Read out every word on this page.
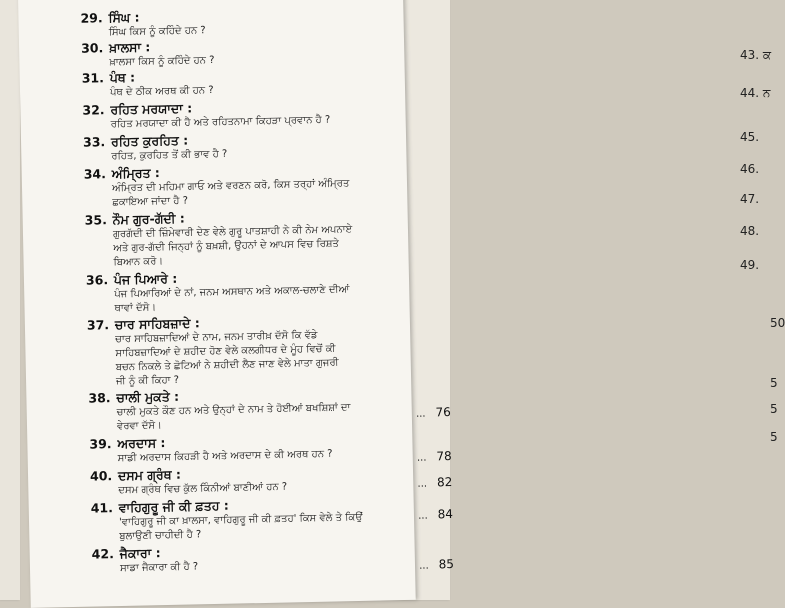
43. ਕ
44. ਨ
45.
46.
47.
48.
49.
50
5
5
5
29. ਸਿੰਘ :
ਸਿੰਘ ਕਿਸ ਨੂੰ ਕਹਿੰਦੇ ਹਨ ?
30. ਖ਼ਾਲਸਾ :
ਖ਼ਾਲਸਾ ਕਿਸ ਨੂੰ ਕਹਿੰਦੇ ਹਨ ?
31. ਪੰਥ :
ਪੰਥ ਦੇ ਠੀਕ ਅਰਥ ਕੀ ਹਨ ?
32. ਰਹਿਤ ਮਰਯਾਦਾ :
ਰਹਿਤ ਮਰਯਾਦਾ ਕੀ ਹੈ ਅਤੇ ਰਹਿਤਨਾਮਾ ਕਿਹੜਾ ਪ੍ਰਵਾਨ ਹੈ ?
33. ਰਹਿਤ ਕੁਰਹਿਤ :
ਰਹਿਤ, ਕੁਰਹਿਤ ਤੋਂ ਕੀ ਭਾਵ ਹੈ ?
34. ਅੰਮ੍ਰਿਤ :
ਅੰਮ੍ਰਿਤ ਦੀ ਮਹਿਮਾ ਗਾਓ ਅਤੇ ਵਰਣਨ ਕਰੋ, ਕਿਸ ਤਰ੍ਹਾਂ ਅੰਮ੍ਰਿਤ
ਛਕਾਇਆ ਜਾਂਦਾ ਹੈ ?
35. ਨੌਮ ਗੁਰ-ਗੱਦੀ :
ਗੁਰਗੱਦੀ ਦੀ ਜ਼ਿੰਮੇਵਾਰੀ ਦੇਣ ਵੇਲੇ ਗੁਰੂ ਪਾਤਸ਼ਾਹੀ ਨੇ ਕੀ ਨੇਮ ਅਪਨਾਏ
ਅਤੇ ਗੁਰ-ਗੱਦੀ ਜਿਨ੍ਹਾਂ ਨੂੰ ਬਖ਼ਸ਼ੀ, ਉਹਨਾਂ ਦੇ ਆਪਸ ਵਿਚ ਰਿਸ਼ਤੇ
ਬਿਆਨ ਕਰੋ।
36. ਪੰਜ ਪਿਆਰੇ :
ਪੰਜ ਪਿਆਰਿਆਂ ਦੇ ਨਾਂ, ਜਨਮ ਅਸਥਾਨ ਅਤੇ ਅਕਾਲ-ਚਲਾਣੇ ਦੀਆਂ
ਥਾਵਾਂ ਦੱਸੋ।
37. ਚਾਰ ਸਾਹਿਬਜ਼ਾਦੇ :
ਚਾਰ ਸਾਹਿਬਜ਼ਾਦਿਆਂ ਦੇ ਨਾਮ, ਜਨਮ ਤਾਰੀਖ਼ ਦੱਸੋ ਕਿ ਵੱਡੇ
ਸਾਹਿਬਜ਼ਾਦਿਆਂ ਦੇ ਸ਼ਹੀਦ ਹੋਣ ਵੇਲੇ ਕਲਗੀਧਰ ਦੇ ਮੂੰਹ ਵਿਚੋਂ ਕੀ
ਬਚਨ ਨਿਕਲੇ ਤੇ ਛੋਟਿਆਂ ਨੇ ਸ਼ਹੀਦੀ ਲੈਣ ਜਾਣ ਵੇਲੇ ਮਾਤਾ ਗੁਜਰੀ
ਜੀ ਨੂੰ ਕੀ ਕਿਹਾ ?
38. ਚਾਲੀ ਮੁਕਤੇ :
ਚਾਲੀ ਮੁਕਤੇ ਕੌਣ ਹਨ ਅਤੇ ਉਨ੍ਹਾਂ ਦੇ ਨਾਮ ਤੇ ਹੋਈਆਂ ਬਖਸ਼ਿਸ਼ਾਂ ਦਾ
ਵੇਰਵਾ ਦੱਸੋ।
... 76
39. ਅਰਦਾਸ :
ਸਾਡੀ ਅਰਦਾਸ ਕਿਹੜੀ ਹੈ ਅਤੇ ਅਰਦਾਸ ਦੇ ਕੀ ਅਰਥ ਹਨ ?	... 78
40. ਦਸਮ ਗ੍ਰੰਥ :
ਦਸਮ ਗ੍ਰੰਥ ਵਿਚ ਕੁੱਲ ਕਿੰਨੀਆਂ ਬਾਣੀਆਂ ਹਨ ?	... 82
41. ਵਾਹਿਗੁਰੂ ਜੀ ਕੀ ਫ਼ਤਹ :
'ਵਾਹਿਗੁਰੂ ਜੀ ਕਾ ਖ਼ਾਲਸਾ, ਵਾਹਿਗੁਰੂ ਜੀ ਕੀ ਫ਼ਤਹ' ਕਿਸ ਵੇਲੇ ਤੇ ਕਿਉਂ
ਬੁਲਾਉਣੀ ਚਾਹੀਦੀ ਹੈ ?
... 84
42. ਜੈਕਾਰਾ :
ਸਾਡਾ ਜੈਕਾਰਾ ਕੀ ਹੈ ?	... 85
